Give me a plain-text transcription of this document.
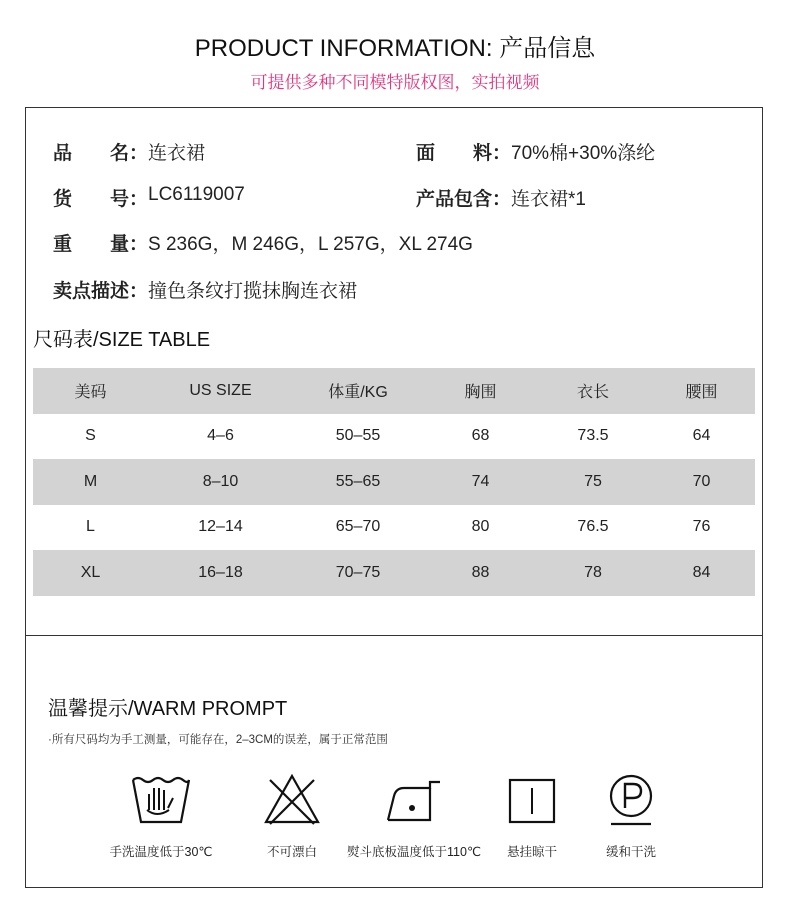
PRODUCT INFORMATION: 产品信息
可提供多种不同模特版权图，实拍视频
品　　名： 连衣裙	面　　料： 70%棉+30%涤纶
货　　号： LC6119007	产品包含： 连衣裙*1
重　　量： S 236G，M 246G，L 257G，XL 274G
卖点描述： 撞色条纹打揽抹胸连衣裙
尺码表/SIZE TABLE
美码	US SIZE	体重/KG	胸围	衣长	腰围
S	4–6	50–55	68	73.5	64
M	8–10	55–65	74	75	70
L	12–14	65–70	80	76.5	76
XL	16–18	70–75	88	78	84
温馨提示/WARM PROMPT
·所有尺码均为手工测量，可能存在，2–3CM的误差，属于正常范围
手洗温度低于30℃	不可漂白	熨斗底板温度低于110℃	悬挂晾干	缓和干洗
